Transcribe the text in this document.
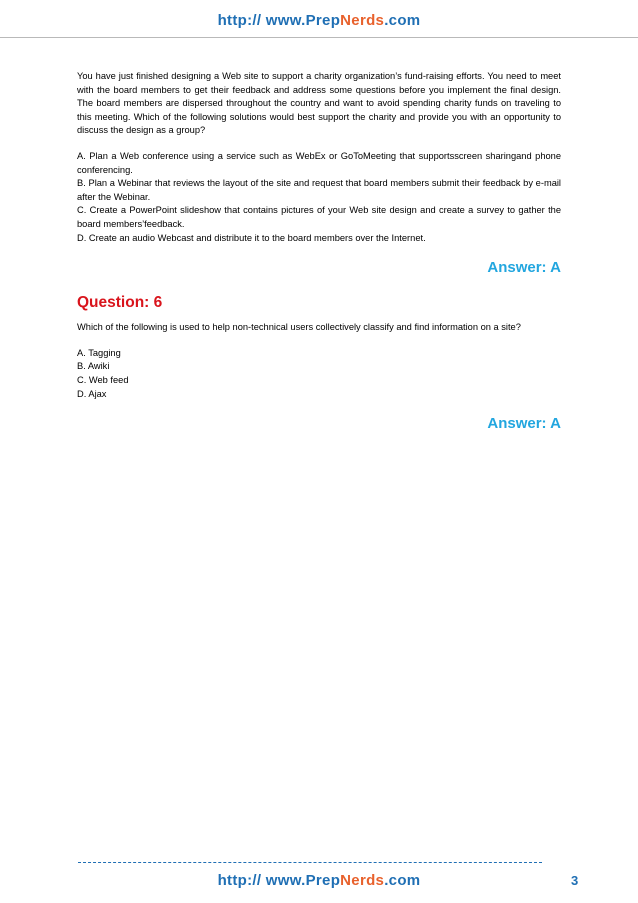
http:// www.PrepNerds.com

You have just finished designing a Web site to support a charity organization’s fund-raising efforts. You need to meet with the board members to get their feedback and address some questions before you implement the final design. The board members are dispersed throughout the country and want to avoid spending charity funds on traveling to this meeting. Which of the following solutions would best support the charity and provide you with an opportunity to discuss the design as a group?

A. Plan a Web conference using a service such as WebEx or GoToMeeting that supportsscreen sharingand phone conferencing.

B. Plan a Webinar that reviews the layout of the site and request that board members submit their feedback by e-mail after the Webinar.

C. Create a PowerPoint slideshow that contains pictures of your Web site design and create a survey to gather the board members’feedback.

D. Create an audio Webcast and distribute it to the board members over the Internet.

Answer: A
Question: 6

Which of the following is used to help non-technical users collectively classify and find information on a site?

A. Tagging

B. Awiki

C. Web feed

D. Ajax

Answer: A
http:// www.PrepNerds.com	3
